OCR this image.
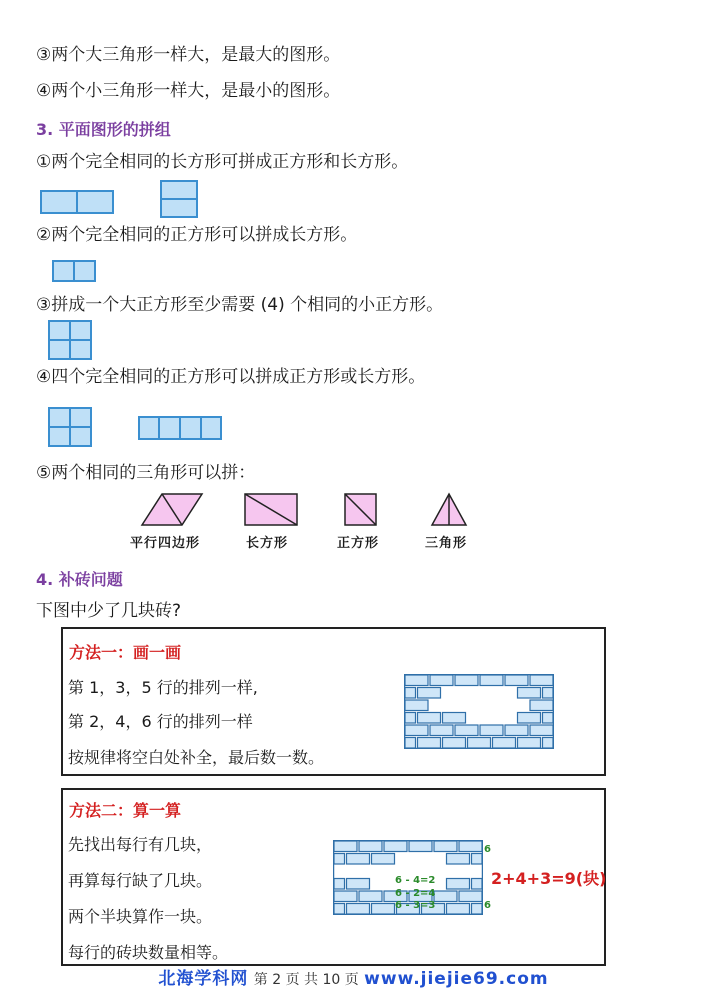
③两个大三角形一样大，是最大的图形。
④两个小三角形一样大，是最小的图形。
3. 平面图形的拼组
①两个完全相同的长方形可拼成正方形和长方形。
②两个完全相同的正方形可以拼成长方形。
③拼成一个大正方形至少需要 (4) 个相同的小正方形。
④四个完全相同的正方形可以拼成正方形或长方形。
⑤两个相同的三角形可以拼：
平行四边形	长方形	正方形	三角形
4. 补砖问题
下图中少了几块砖?
方法一：画一画
第 1，3，5 行的排列一样,
第 2，4，6 行的排列一样
按规律将空白处补全，最后数一数。
方法二：算一算
先找出每行有几块，
再算每行缺了几块。
两个半块算作一块。
每行的砖块数量相等。
6 - 4=2
6 - 2=4
6 - 3=3
6
6
2+4+3=9(块)
北海学科网 第 2 页 共 10 页 www.jiejie69.com
